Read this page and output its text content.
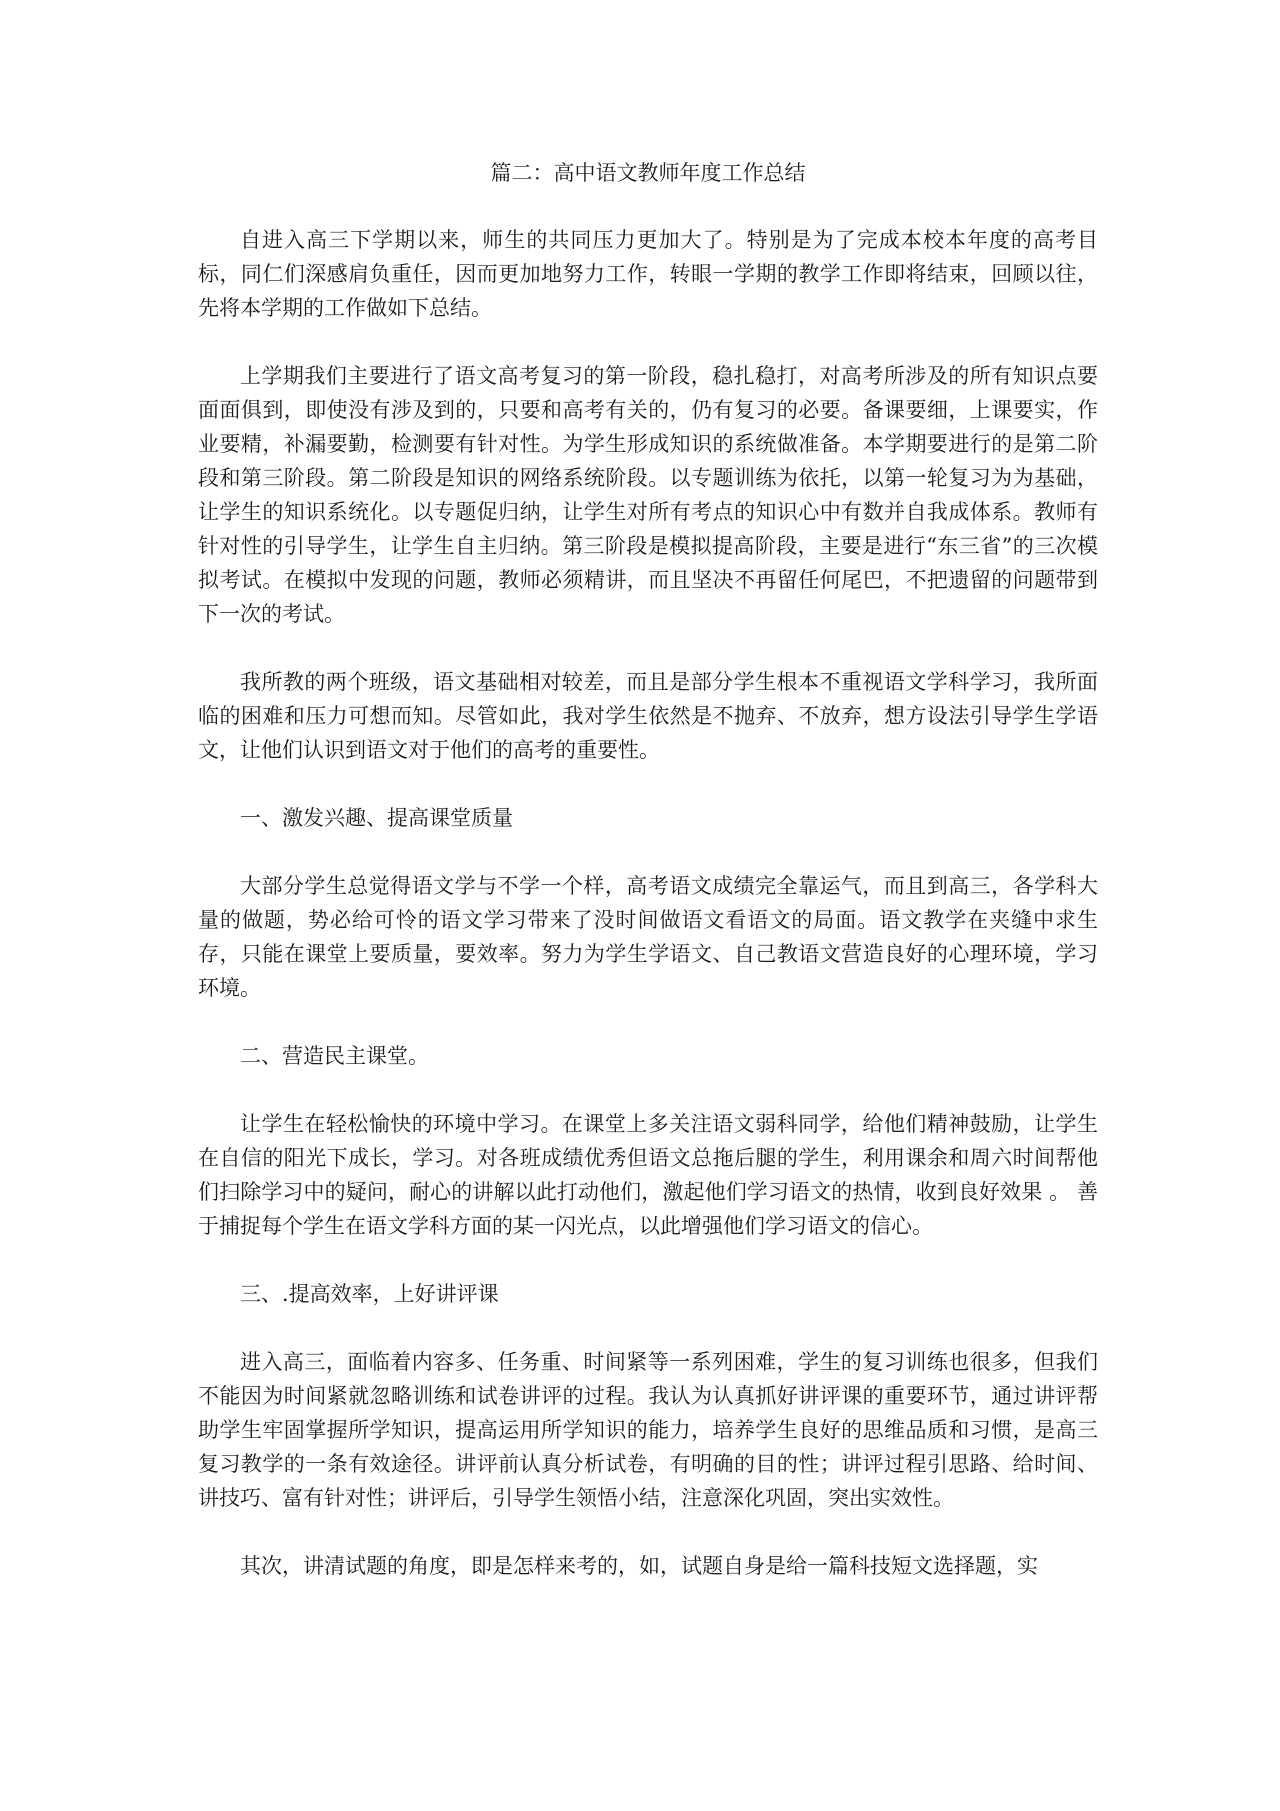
篇二：高中语文教师年度工作总结
自进入高三下学期以来，师生的共同压力更加大了。特别是为了完成本校本年度的高考目标，同仁们深感肩负重任，因而更加地努力工作，转眼一学期的教学工作即将结束，回顾以往，先将本学期的工作做如下总结。
上学期我们主要进行了语文高考复习的第一阶段，稳扎稳打，对高考所涉及的所有知识点要面面俱到，即使没有涉及到的，只要和高考有关的，仍有复习的必要。备课要细，上课要实，作业要精，补漏要勤，检测要有针对性。为学生形成知识的系统做准备。本学期要进行的是第二阶段和第三阶段。第二阶段是知识的网络系统阶段。以专题训练为依托，以第一轮复习为为基础，让学生的知识系统化。以专题促归纳，让学生对所有考点的知识心中有数并自我成体系。教师有针对性的引导学生，让学生自主归纳。第三阶段是模拟提高阶段，主要是进行“东三省”的三次模拟考试。在模拟中发现的问题，教师必须精讲，而且坚决不再留任何尾巴，不把遗留的问题带到下一次的考试。
我所教的两个班级，语文基础相对较差，而且是部分学生根本不重视语文学科学习，我所面临的困难和压力可想而知。尽管如此，我对学生依然是不抛弃、不放弃，想方设法引导学生学语文，让他们认识到语文对于他们的高考的重要性。
一、激发兴趣、提高课堂质量
大部分学生总觉得语文学与不学一个样，高考语文成绩完全靠运气，而且到高三，各学科大量的做题，势必给可怜的语文学习带来了没时间做语文看语文的局面。语文教学在夹缝中求生存，只能在课堂上要质量，要效率。努力为学生学语文、自己教语文营造良好的心理环境，学习环境。
二、营造民主课堂。
让学生在轻松愉快的环境中学习。在课堂上多关注语文弱科同学，给他们精神鼓励，让学生在自信的阳光下成长，学习。对各班成绩优秀但语文总拖后腿的学生，利用课余和周六时间帮他们扫除学习中的疑问，耐心的讲解以此打动他们，激起他们学习语文的热情，收到良好效果 。 善于捕捉每个学生在语文学科方面的某一闪光点，以此增强他们学习语文的信心。
三、.提高效率，上好讲评课
进入高三，面临着内容多、任务重、时间紧等一系列困难，学生的复习训练也很多，但我们不能因为时间紧就忽略训练和试卷讲评的过程。我认为认真抓好讲评课的重要环节，通过讲评帮助学生牢固掌握所学知识，提高运用所学知识的能力，培养学生良好的思维品质和习惯，是高三复习教学的一条有效途径。讲评前认真分析试卷，有明确的目的性；讲评过程引思路、给时间、讲技巧、富有针对性；讲评后，引导学生领悟小结，注意深化巩固，突出实效性。
其次，讲清试题的角度，即是怎样来考的，如，试题自身是给一篇科技短文选择题，实
